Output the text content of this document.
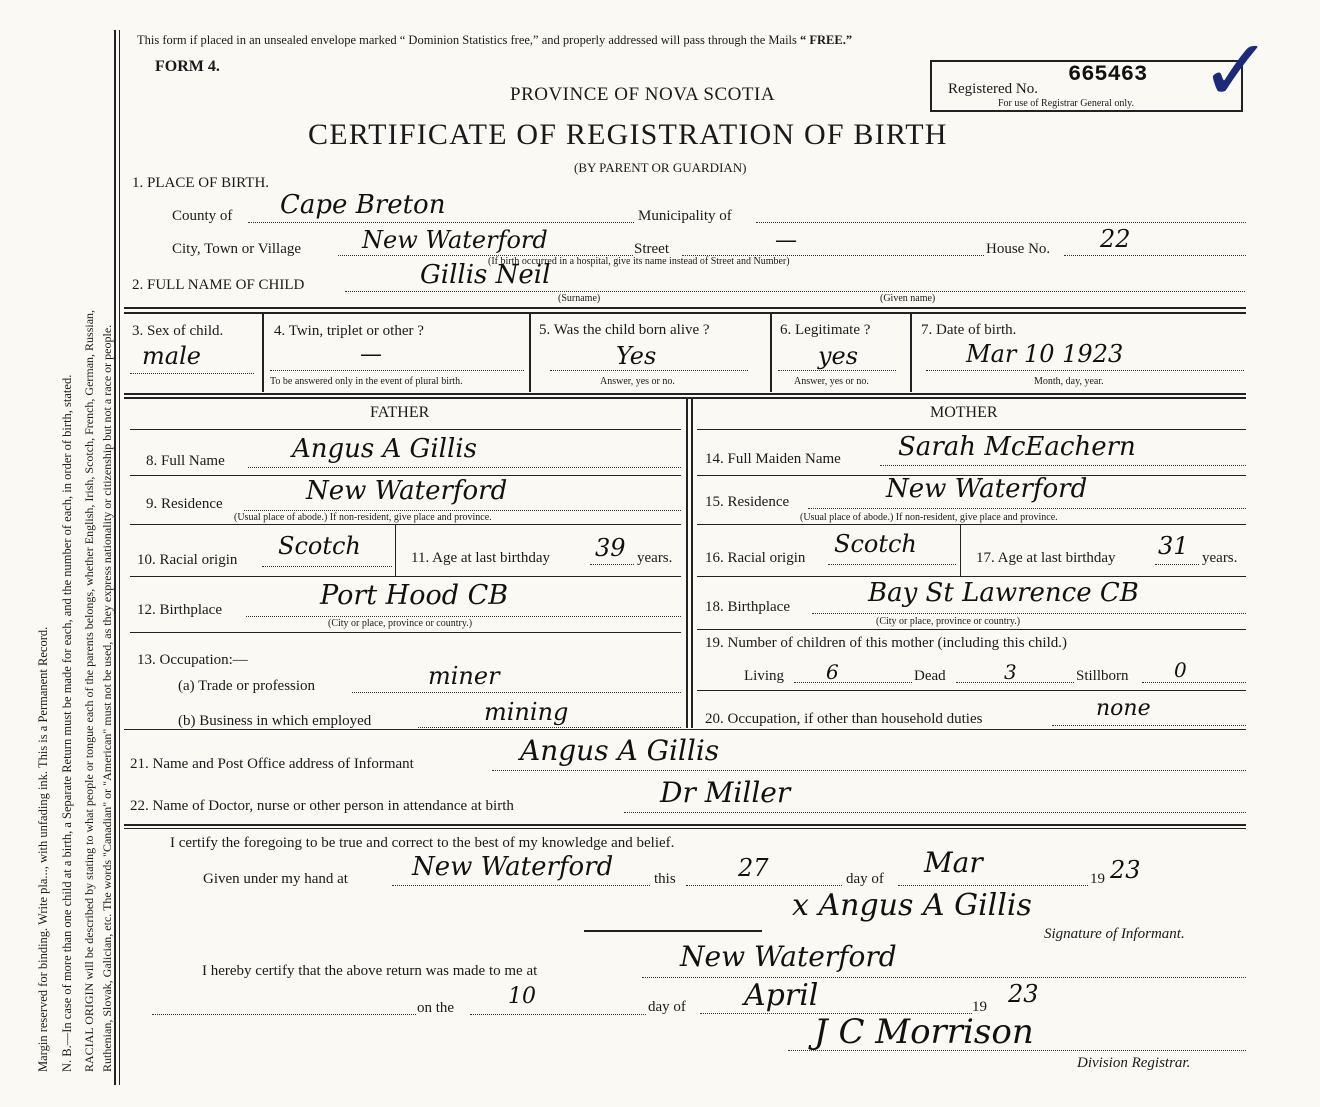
Margin reserved for binding. Write pla..., with unfading ink. This is a Permanent Record. N. B.—In case of more than one child at a birth, a Separate Return must be made for each, and the number of each, in order of birth, stated. RACIAL ORIGIN will be described by stating to what people or tongue each of the parents belongs, whether English, Irish, Scotch, French, German, Russian, Ruthenian, Slovak, Galician, etc. The words "Canadian" or "American" must not be used, as they express nationality or citizenship but not a race or people.
This form if placed in an unsealed envelope marked “ Dominion Statistics free,” and properly addressed will pass through the Mails “ FREE.”
FORM 4.
PROVINCE OF NOVA SCOTIA
CERTIFICATE OF REGISTRATION OF BIRTH
(BY PARENT OR GUARDIAN)
Registered No.
665463
For use of Registrar General only. ✓
1. PLACE OF BIRTH.
County of Cape Breton	Municipality of
City, Town or Village	New Waterford	Street	—	House No. 22
(If birth occurred in a hospital, give its name instead of Street and Number)
2. FULL NAME OF CHILD	Gillis Neil
(Surname)	(Given name)
3. Sex of child.
male
4. Twin, triplet or other ?
—
To be answered only in the event of plural birth.
5. Was the child born alive ?
Yes
Answer, yes or no.
6. Legitimate ?
yes
Answer, yes or no.
7. Date of birth.
Mar 10 1923
Month, day, year.
FATHER
8. Full Name	Angus A Gillis
9. Residence	New Waterford
(Usual place of abode.) If non-resident, give place and province.
10. Racial origin Scotch	11. Age at last birthday 39 years.
12. Birthplace	Port Hood CB
(City or place, province or country.)
13. Occupation:—
(a) Trade or profession	miner
(b) Business in which employed	mining
MOTHER
14. Full Maiden Name Sarah McEachern
15. Residence	New Waterford
(Usual place of abode.) If non-resident, give place and province.
16. Racial origin Scotch	17. Age at last birthday 31 years.
18. Birthplace	Bay St Lawrence CB
(City or place, province or country.)
19. Number of children of this mother (including this child.)
Living 6	Dead	3	Stillborn 0
20. Occupation, if other than household duties	none
21. Name and Post Office address of Informant	Angus A Gillis
22. Name of Doctor, nurse or other person in attendance at birth	Dr Miller
I certify the foregoing to be true and correct to the best of my knowledge and belief.
Given under my hand at New Waterford	this	27	day of Mar	19 23
x Angus A Gillis
Signature of Informant.
I hereby certify that the above return was made to me at	New Waterford
on the 10	day of April	19 23
J C Morrison
Division Registrar.
